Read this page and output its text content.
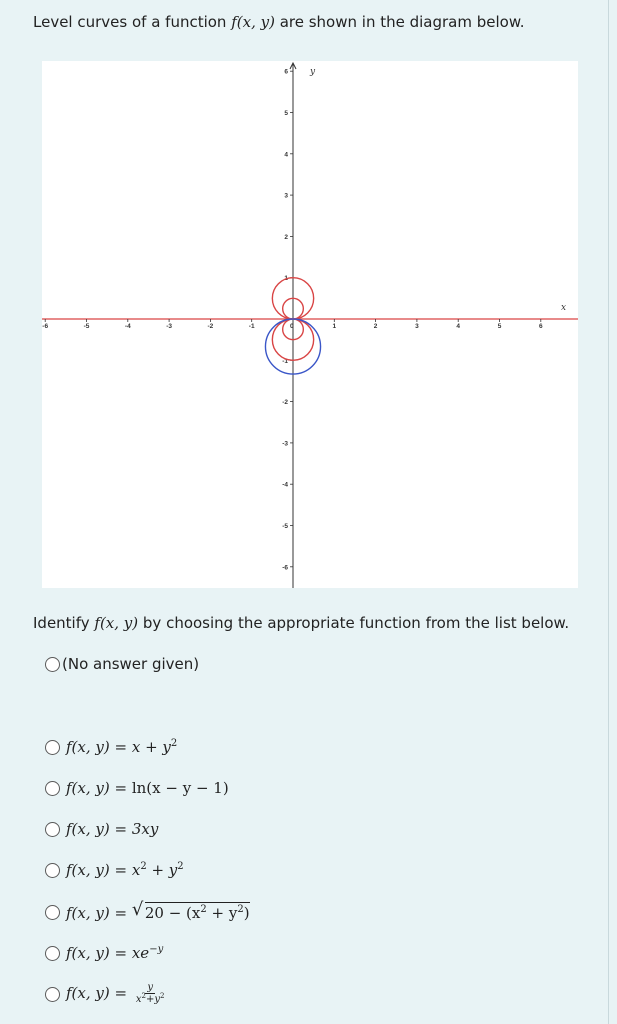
Level curves of a function f(x, y) are shown in the diagram below.
-6	-5	-4	-3	-2	-1	1	2	3	4	5	6
6
5
4
3
2
1
-1
-2
-3
-4
-5
-6
0
x
y
Identify f(x, y) by choosing the appropriate function from the list below.
(No answer given)
f(x, $y) = x + y^2$
f(x, y) = ln(x − y − 1)
f(x, y) = 3xy
f(x, $y) = x^2 + y^2$
f(x, y) = √ $20 - (x^2 + y^2)$
f(x, $y) = xe^{-y}$
f(x, $y) = \frac{y}{x^2+y^2}$
